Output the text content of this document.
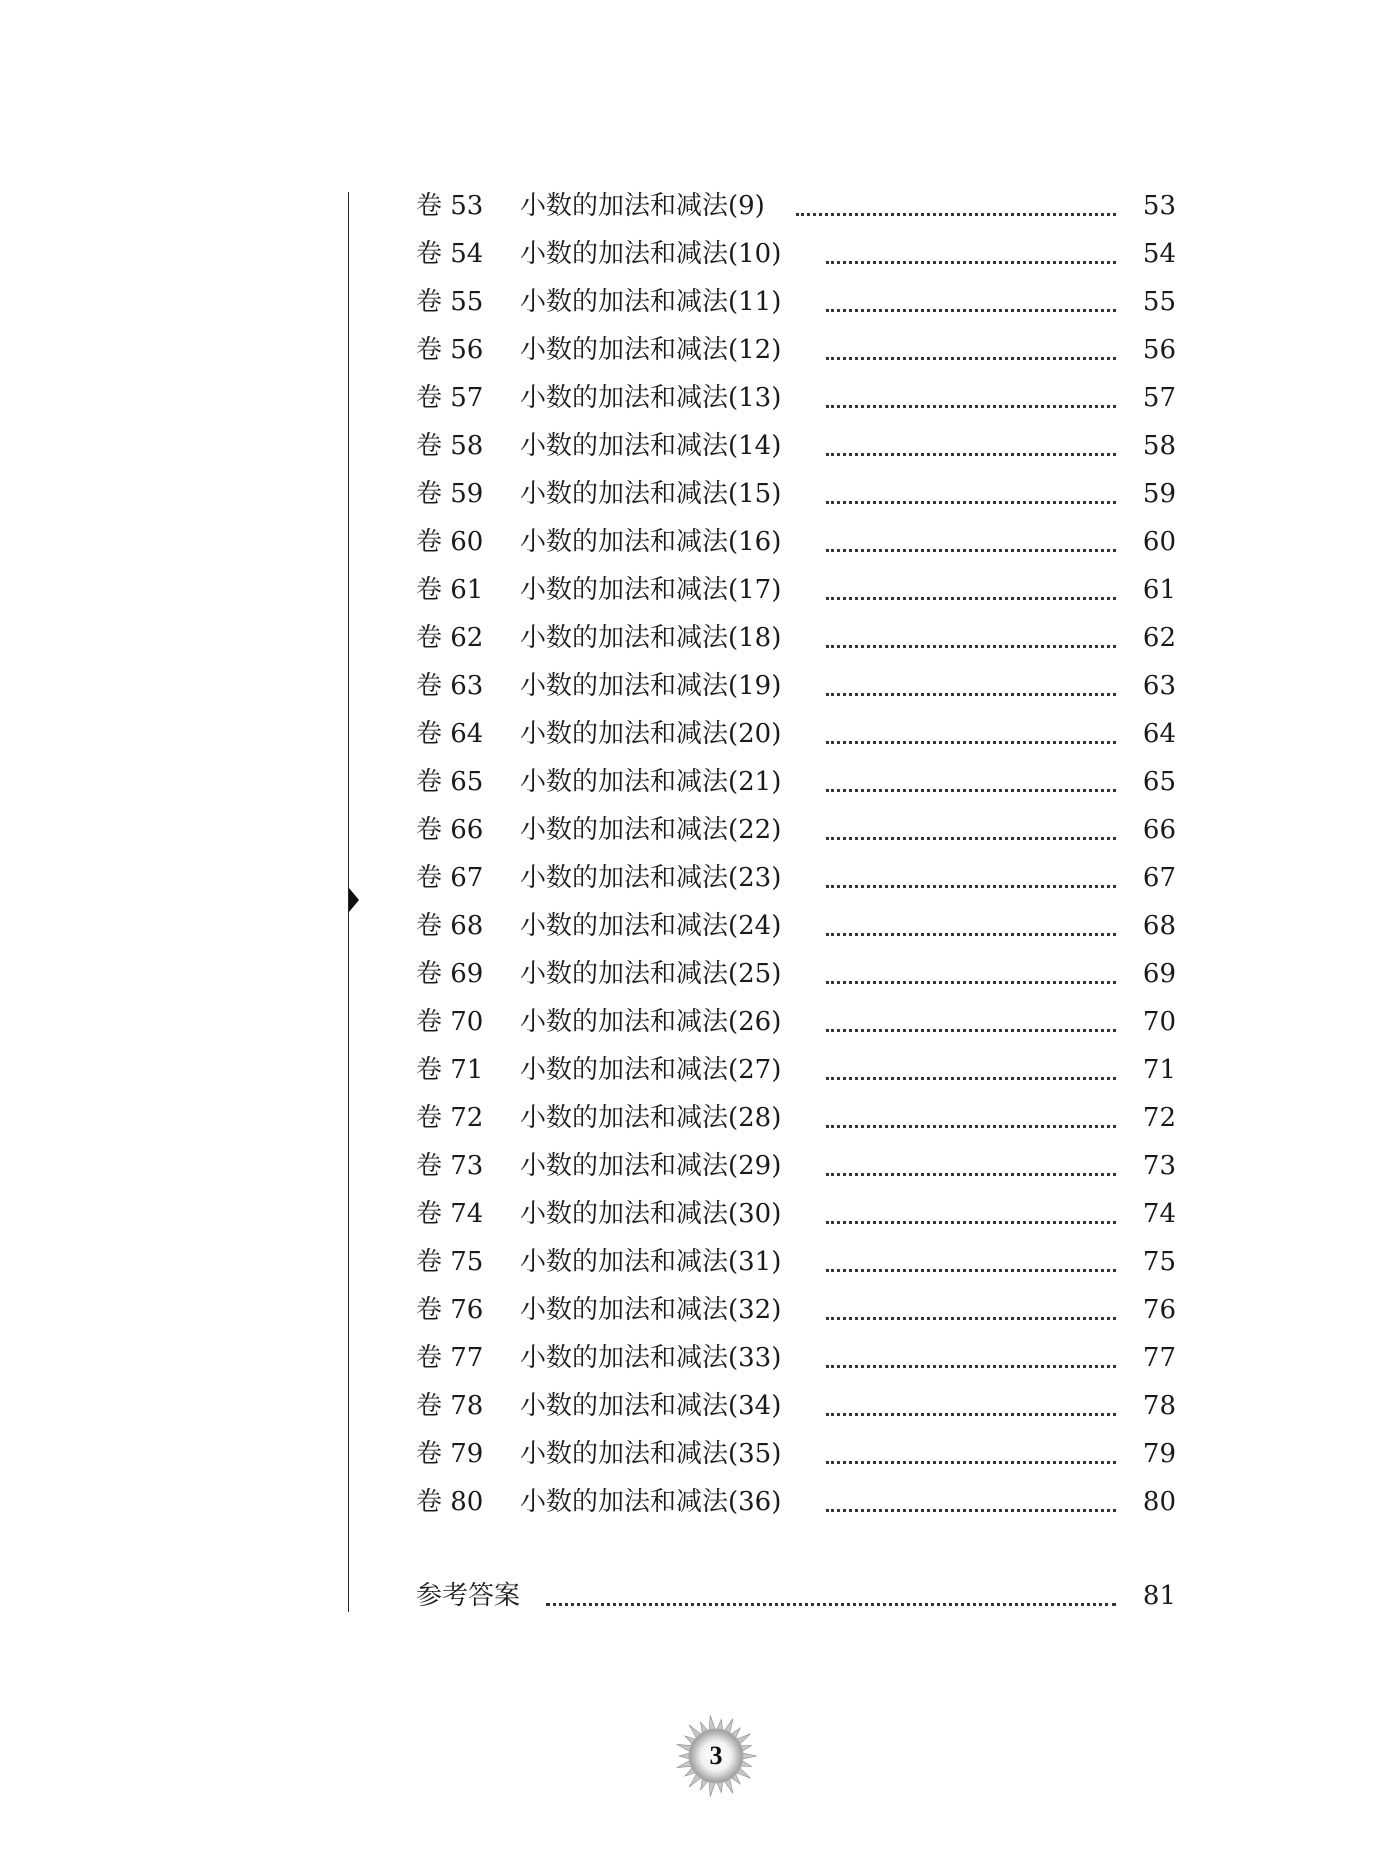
卷 53 小数的加法和减法(9)	53
卷 54 小数的加法和减法(10)	54
卷 55 小数的加法和减法(11)	55
卷 56 小数的加法和减法(12)	56
卷 57 小数的加法和减法(13)	57
卷 58 小数的加法和减法(14)	58
卷 59 小数的加法和减法(15)	59
卷 60 小数的加法和减法(16)	60
卷 61 小数的加法和减法(17)	61
卷 62 小数的加法和减法(18)	62
卷 63 小数的加法和减法(19)	63
卷 64 小数的加法和减法(20)	64
卷 65 小数的加法和减法(21)	65
卷 66 小数的加法和减法(22)	66
卷 67 小数的加法和减法(23)	67
卷 68 小数的加法和减法(24)	68
卷 69 小数的加法和减法(25)	69
卷 70 小数的加法和减法(26)	70
卷 71 小数的加法和减法(27)	71
卷 72 小数的加法和减法(28)	72
卷 73 小数的加法和减法(29)	73
卷 74 小数的加法和减法(30)	74
卷 75 小数的加法和减法(31)	75
卷 76 小数的加法和减法(32)	76
卷 77 小数的加法和减法(33)	77
卷 78 小数的加法和减法(34)	78
卷 79 小数的加法和减法(35)	79
卷 80 小数的加法和减法(36)	80
参考答案	81
3
